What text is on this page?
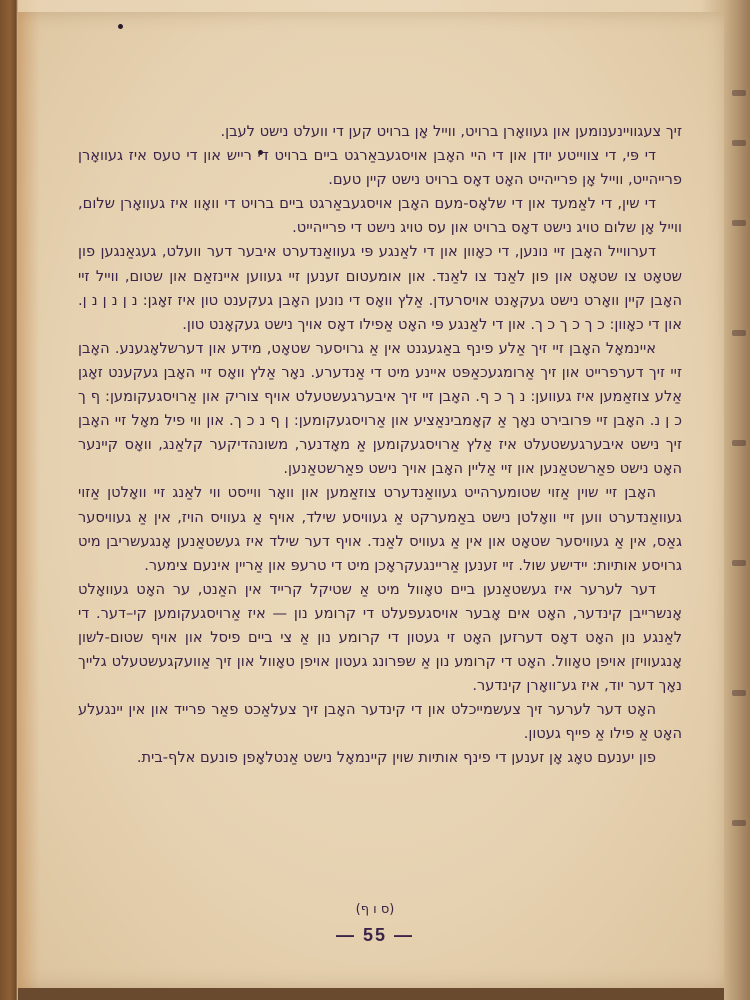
זיך צעגוויינענומען און געוואָרן ברויט, ווייל אָן ברויט קען די וועלט נישט לעבן.

די פּי, די צווייטע יודן און די היי האָבן אויסגעבאַרגט ביים ברויט די רייש און די טעס איז געוואָרן פרייהייט, ווייל אָן פרייהייט האָט דאָס ברויט נישט קיין טעם.

די שין, די לאַמעד און די שלאָס-מעם האָבן אויסגעבאַרגט ביים ברויט די וואָוו איז געוואָרן שלום, ווייל אָן שלום טויג נישט דאָס ברויט און עס טויג נישט די פרייהייט.

דערווייל האָבן זיי נונען, די כאָוון און די לאַנגע פּי געוואַנדערט איבער דער וועלט, געגאַנגען פון שטאָט צו שטאָט און פון לאַנד צו לאַנד. און אומעטום זענען זיי געווען איינזאַם און שטום, ווייל זיי האָבן קיין וואָרט נישט געקאָנט אויסרעדן. אַלץ וואָס די נונען האָבן געקענט טון איז זאָגן: נ ן נ ן נ ן. און די כאָוון: כ ך כ ך כ ך. און די לאַנגע פּי האָט אַפילו דאָס אויך נישט געקאָנט טון.

איינמאָל האָבן זיי זיך אַלע פינף באַגעגנט אין אַ גרויסער שטאָט, מידע און דערשלאָגענע. האָבן זיי זיך דערפרייט און זיך אַרומגעכאַפּט איינע מיט די אַנדערע. נאָר אַלץ וואָס זיי האָבן געקענט זאָגן אַלע צוזאַמען איז געווען: נ ך כ ף. האָבן זיי זיך איבערגעשטעלט אויף צוריק און אַרויסגעקומען: ף ך כ ן נ. האָבן זיי פּרובירט נאָך אַ קאָמבינאַציע און אַרויסגעקומען: ן ף נ כ ך. און ווי פיל מאָל זיי האָבן זיך נישט איבערגעשטעלט איז אַלץ אַרויסגעקומען אַ מאָדנער, משונהדיקער קלאַנג, וואָס קיינער האָט נישט פאַרשטאַנען און זיי אַליין האָבן אויך נישט פאַרשטאַנען.

האָבן זיי שוין אַזוי שטומערהייט געוואַנדערט צוזאַמען און וואָר ווייסט ווי לאַנג זיי וואָלטן אַזוי געוואַנדערט ווען זיי וואָלטן נישט באַמערקט אַ געוויסע שילד, אויף אַ געוויס הויז, אין אַ געוויסער גאַס, אין אַ געוויסער שטאָט און אין אַ געוויס לאַנד. אויף דער שילד איז געשטאַנען אָנגעשריבן מיט גרויסע אותיות: יידישע שול. זיי זענען אַריינגעקראָכן מיט די טרעפּ און אַריין אינעם צימער.

דער לערער איז געשטאַנען ביים טאָוול מיט אַ שטיקל קרייד אין האַנט, ער האָט געוואָלט אָנשרייבן קינדער, האָט אים אָבער אויסגעפעלט די קרומע נון — איז אַרויסגעקומען קי–דער. די לאַנגע נון האָט דאָס דערזען האָט זי געטון די קרומע נון אַ צי ביים פיסל און אויף שטום-לשון אָנגעוויזן אויפן טאָוול. האָט די קרומע נון אַ שפּרונג געטון אויפן טאָוול און זיך אַוועקגעשטעלט גלייך נאָך דער יוד, איז גע־וואָרן קינדער.

האָט דער לערער זיך צעשמייכלט און די קינדער האָבן זיך צעלאַכט פאַר פרייד און אין יינגעלע האָט אַ פילו אַ פייף געטון.

פון יענעם טאָג אָן זענען די פינף אותיות שוין קיינמאָל נישט אַנטלאָפן פונעם אלף-בית.

(ס ו ף)
— 55 —
